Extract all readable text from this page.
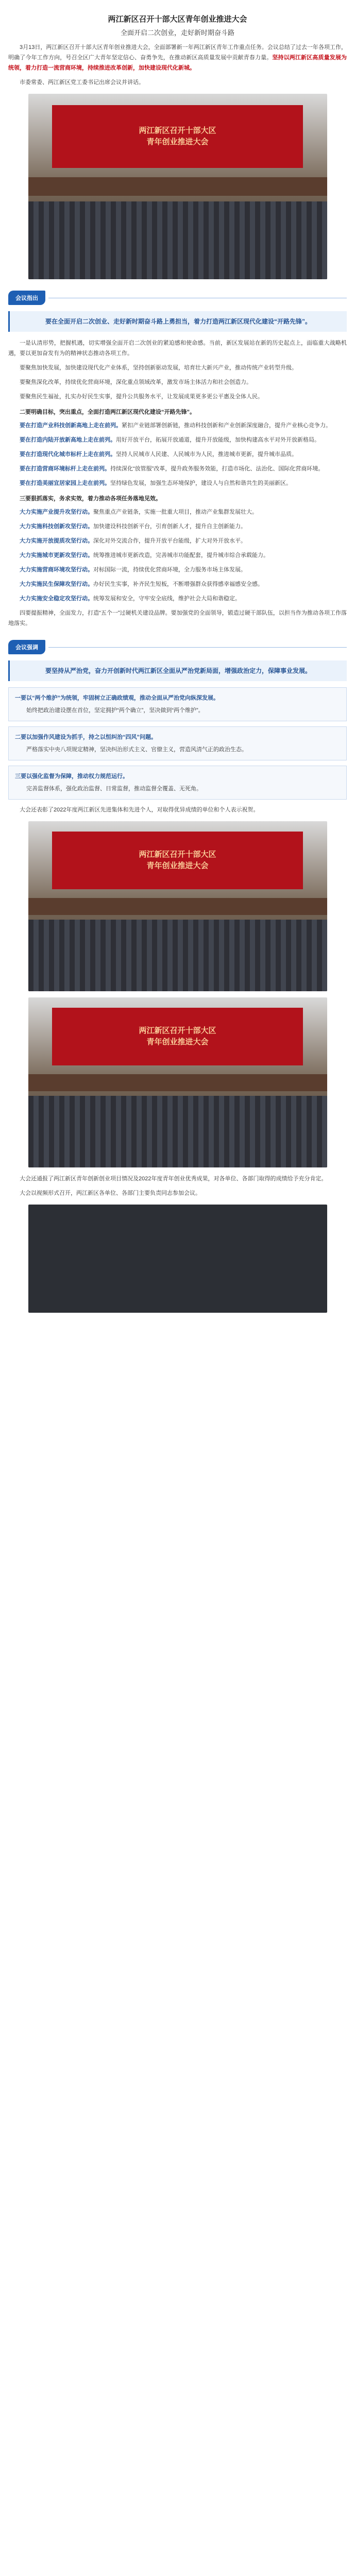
两江新区召开十部大区青年创业推进大会
全面开启二次创业，走好新时期奋斗路

3月13日，两江新区召开十部大区青年创业推进大会，全面部署新一年两江新区青年工作重点任务。会议总结了过去一年各项工作，明确了今年工作方向，号召全区广大青年坚定信心、奋勇争先，在推动新区高质量发展中贡献青春力量。坚持以两江新区高质量发展为统领，着力打造一流营商环境，持续推进改革创新，加快建设现代化新城。

市委常委、两江新区党工委书记出席会议并讲话。

两江新区召开十部大区
青年创业推进大会
会议指出
要在全面开启二次创业、走好新时期奋斗路上勇担当，着力打造两江新区现代化建设“开路先锋”。

一是认清形势，把握机遇，切实增强全面开启二次创业的紧迫感和使命感。当前，新区发展站在新的历史起点上，面临重大战略机遇，要以更加奋发有为的精神状态推动各项工作。

要聚焦加快发展，加快建设现代化产业体系，坚持创新驱动发展，培育壮大新兴产业，推动传统产业转型升级。

要聚焦深化改革，持续优化营商环境，深化重点领域改革，激发市场主体活力和社会创造力。

要聚焦民生福祉，扎实办好民生实事，提升公共服务水平，让发展成果更多更公平惠及全体人民。

二要明确目标，突出重点，全面打造两江新区现代化建设“开路先锋”。

要在打造产业科技创新高地上走在前列。紧扣产业链部署创新链，推动科技创新和产业创新深度融合，提升产业核心竞争力。

要在打造内陆开放新高地上走在前列。用好开放平台，拓展开放通道，提升开放能级，加快构建高水平对外开放新格局。

要在打造现代化城市标杆上走在前列。坚持人民城市人民建、人民城市为人民，推进城市更新，提升城市品质。

要在打造营商环境标杆上走在前列。持续深化“放管服”改革，提升政务服务效能，打造市场化、法治化、国际化营商环境。

要在打造美丽宜居家园上走在前列。坚持绿色发展，加强生态环境保护，建设人与自然和谐共生的美丽新区。

三要狠抓落实，务求实效，着力推动各项任务落地见效。

大力实施产业提升攻坚行动。聚焦重点产业链条，实施一批重大项目，推动产业集群发展壮大。

大力实施科技创新攻坚行动。加快建设科技创新平台，引育创新人才，提升自主创新能力。

大力实施开放提质攻坚行动。深化对外交流合作，提升开放平台能级，扩大对外开放水平。

大力实施城市更新攻坚行动。统筹推进城市更新改造，完善城市功能配套，提升城市综合承载能力。

大力实施营商环境攻坚行动。对标国际一流，持续优化营商环境，全力服务市场主体发展。

大力实施民生保障攻坚行动。办好民生实事，补齐民生短板，不断增强群众获得感幸福感安全感。

大力实施安全稳定攻坚行动。统筹发展和安全，守牢安全底线，维护社会大局和谐稳定。

四要提振精神，全面发力，打造“五个一”过硬机关建设品牌。要加强党的全面领导，锻造过硬干部队伍，以担当作为推动各项工作落地落实。

会议强调
要坚持从严治党，奋力开创新时代两江新区全面从严治党新局面，增强政治定力，保障事业发展。
一要以“两个维护”为统领，牢固树立正确政绩观，推动全面从严治党向纵深发展。

始终把政治建设摆在首位，坚定拥护“两个确立”，坚决做到“两个维护”。

二要以加强作风建设为抓手，持之以恒纠治“四风”问题。

严格落实中央八项规定精神，坚决纠治形式主义、官僚主义，营造风清气正的政治生态。

三要以强化监督为保障，推动权力规范运行。

完善监督体系，强化政治监督、日常监督，推动监督全覆盖、无死角。

大会还表彰了2022年度两江新区先进集体和先进个人，对取得优异成绩的单位和个人表示祝贺。

两江新区召开十部大区
青年创业推进大会
两江新区召开十部大区
青年创业推进大会

大会还通报了两江新区青年创新创业项目情况及2022年度青年创业优秀成果，对各单位、各部门取得的成绩给予充分肯定。

大会以视频形式召开，两江新区各单位、各部门主要负责同志参加会议。
